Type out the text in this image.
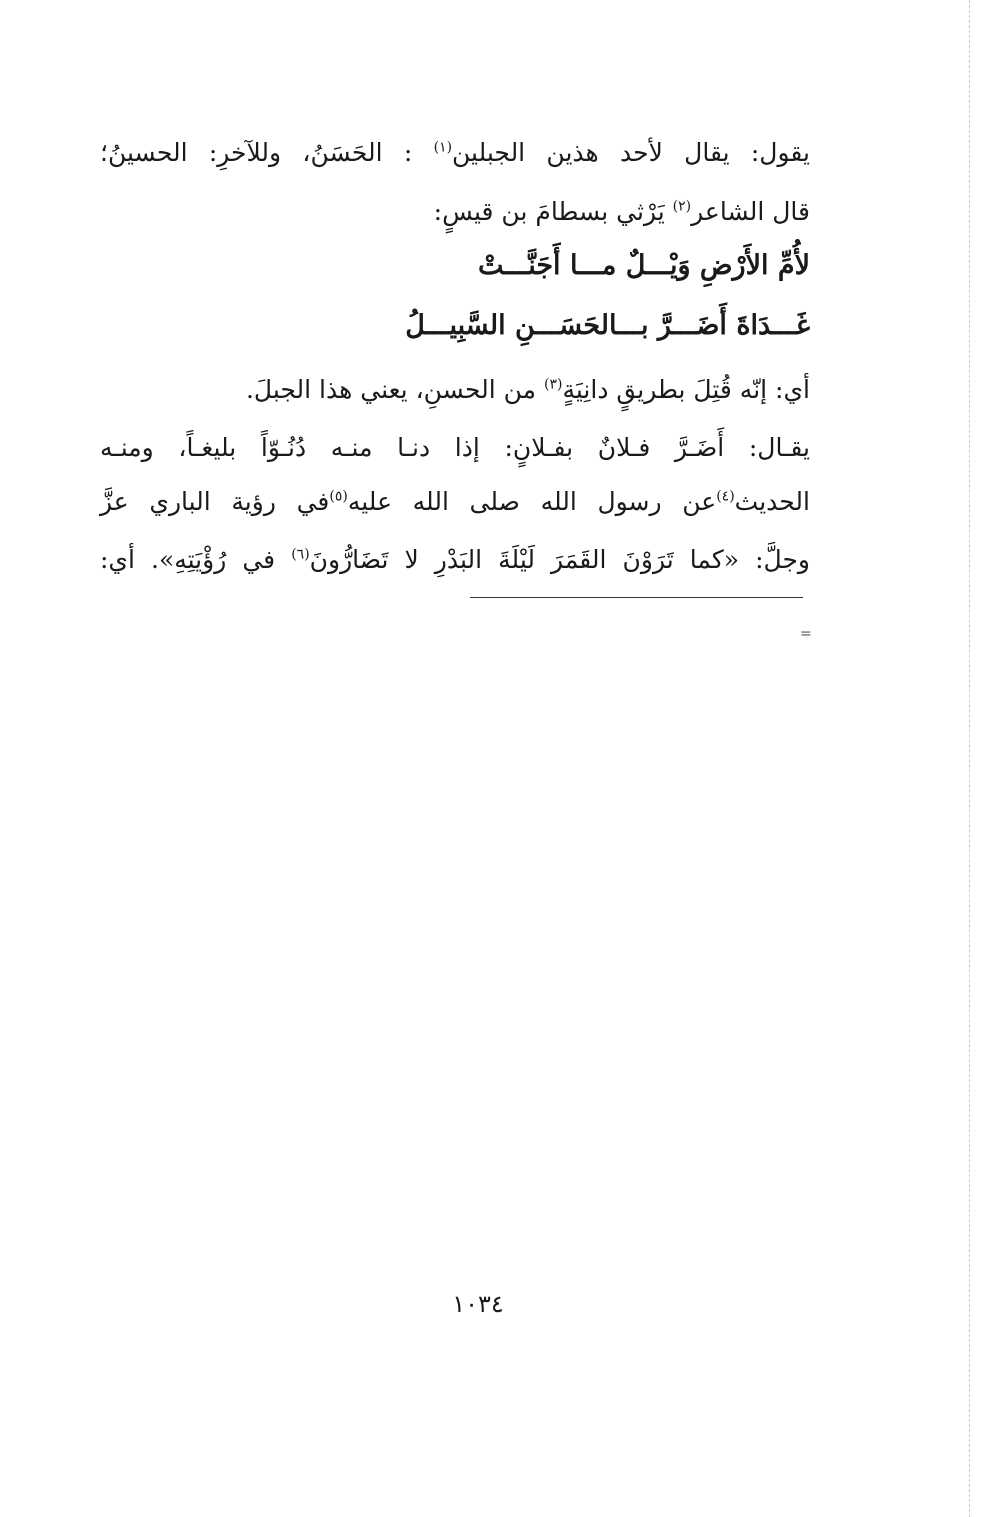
يقول: يقال لأحد هذين الجبلين$^{(١)}$ : الحَسَنُ، وللآخرِ: الحسينُ؛
قال الشاعر$^{(٢)}$ يَرْثي بسطامَ بن قيسٍ:
لأُمِّ الأَرْضِ وَيْـــلٌ مـــا أَجَنَّـــتْ
غَـــدَاةَ أَضَـــرَّ بـــالحَسَـــنِ السَّبِيـــلُ
أي: إنّه قُتِلَ بطريقٍ دانِيَةٍ$^{(٣)}$ من الحسنِ، يعني هذا الجبلَ.
يقـال: أَضَـرَّ فـلانٌ بفـلانٍ: إذا دنـا منـه دُنُـوّاً بليغـاً، ومنـه
الحديث$^{(٤)}$عن رسول الله صلى الله عليه$^{(٥)}$في رؤية الباري عزَّ
وجلَّ: «كما تَرَوْنَ القَمَرَ لَيْلَةَ البَدْرِ لا تَضَارُّونَ$^{(٦)}$ في رُؤْيَتِهِ». أي:
=
١٠٣٤
